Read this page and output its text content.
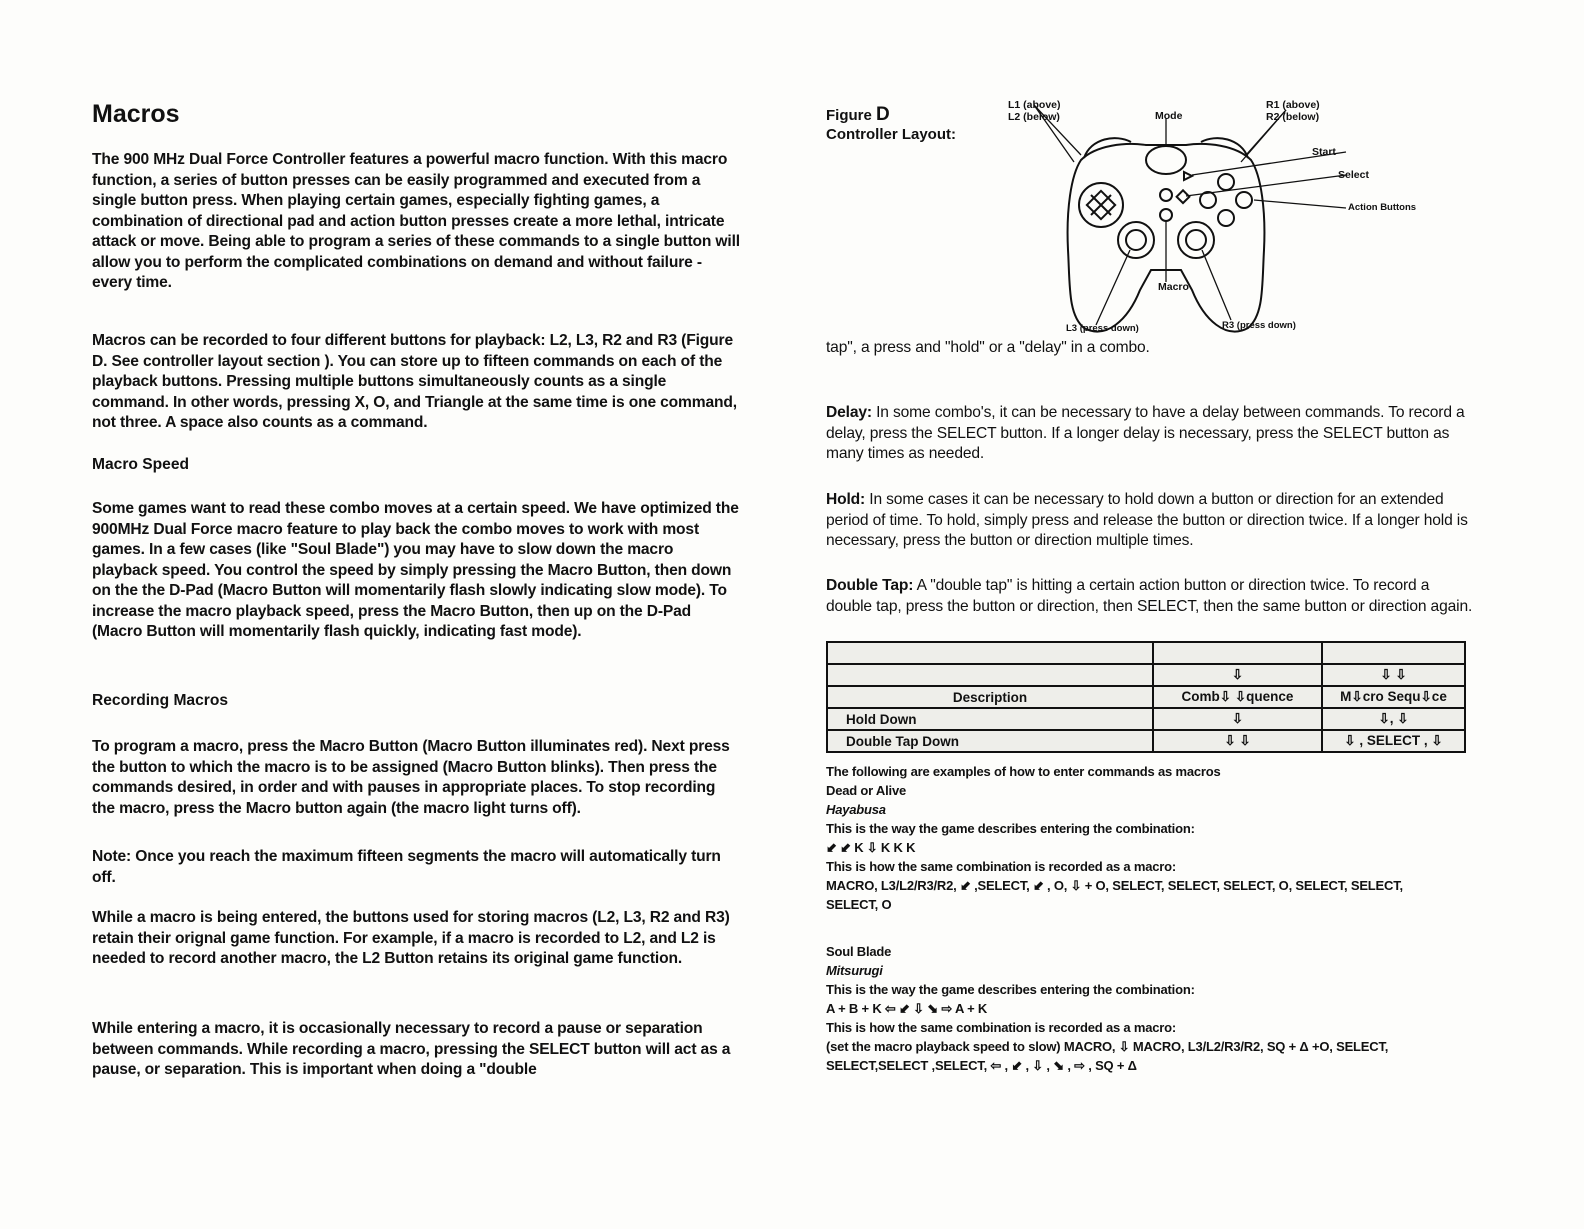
Macros

The 900 MHz Dual Force Controller features a powerful macro function. With this macro function, a series of button presses can be easily programmed and executed from a single button press. When playing certain games, especially fighting games, a combination of directional pad and action button presses create a more lethal, intricate attack or move. Being able to program a series of these commands to a single button will allow you to perform the complicated combinations on demand and without failure - every time.

Macros can be recorded to four different buttons for playback: L2, L3, R2 and R3 (Figure D. See controller layout section ). You can store up to fifteen commands on each of the playback buttons. Pressing multiple buttons simultaneously counts as a single command. In other words, pressing X, O, and Triangle at the same time is one command, not three. A space also counts as a command.

Macro Speed

Some games want to read these combo moves at a certain speed. We have optimized the 900MHz Dual Force macro feature to play back the combo moves to work with most games. In a few cases (like "Soul Blade") you may have to slow down the macro playback speed. You control the speed by simply pressing the Macro Button, then down on the the D-Pad (Macro Button will momentarily flash slowly indicating slow mode). To increase the macro playback speed, press the Macro Button, then up on the D-Pad (Macro Button will momentarily flash quickly, indicating fast mode).

Recording Macros

To program a macro, press the Macro Button (Macro Button illuminates red). Next press the button to which the macro is to be assigned (Macro Button blinks). Then press the commands desired, in order and with pauses in appropriate places. To stop recording the macro, press the Macro button again (the macro light turns off).

Note: Once you reach the maximum fifteen segments the macro will automatically turn off.

While a macro is being entered, the buttons used for storing macros (L2, L3, R2 and R3) retain their orignal game function. For example, if a macro is recorded to L2, and L2 is needed to record another macro, the L2 Button retains its original game function.

While entering a macro, it is occasionally necessary to record a pause or separation between commands. While recording a macro, pressing the SELECT button will act as a pause, or separation. This is important when doing a "double

Figure D
Controller Layout:
L1 (above)
L2 (below)	Mode
R1 (above)
R2 (below)
Start
Select
Action Buttons
Macro
L3 (press down)	R3 (press down)

tap", a press and "hold" or a "delay" in a combo.

Delay: In some combo's, it can be necessary to have a delay between commands. To record a delay, press the SELECT button. If a longer delay is necessary, press the SELECT button as many times as needed.

Hold: In some cases it can be necessary to hold down a button or direction for an extended period of time. To hold, simply press and release the button or direction twice. If a longer hold is necessary, press the button or direction multiple times.

Double Tap: A "double tap" is hitting a certain action button or direction twice. To record a double tap, press the button or direction, then SELECT, then the same button or direction again.

	⇩	⇩ ⇩
Description	Comb⇩ ⇩quence	M⇩cro Sequ⇩ce
Hold Down	⇩	⇩, ⇩
Double Tap Down	⇩ ⇩	⇩ , SELECT , ⇩

The following are examples of how to enter commands as macros

Dead or Alive

Hayabusa

This is the way the game describes entering the combination:

⬋ ⬋ K ⇩ K K K

This is how the same combination is recorded as a macro:

MACRO, L3/L2/R3/R2, ⬋ ,SELECT, ⬋ , O, ⇩ + O, SELECT, SELECT, SELECT, O, SELECT, SELECT, SELECT, O

Soul Blade

Mitsurugi

This is the way the game describes entering the combination:

A + B + K ⇦ ⬋ ⇩ ⬊ ⇨ A + K

This is how the same combination is recorded as a macro:

(set the macro playback speed to slow) MACRO, ⇩ MACRO, L3/L2/R3/R2, SQ + Δ +O, SELECT, SELECT,SELECT ,SELECT, ⇦ , ⬋ , ⇩ , ⬊ , ⇨ , SQ + Δ
